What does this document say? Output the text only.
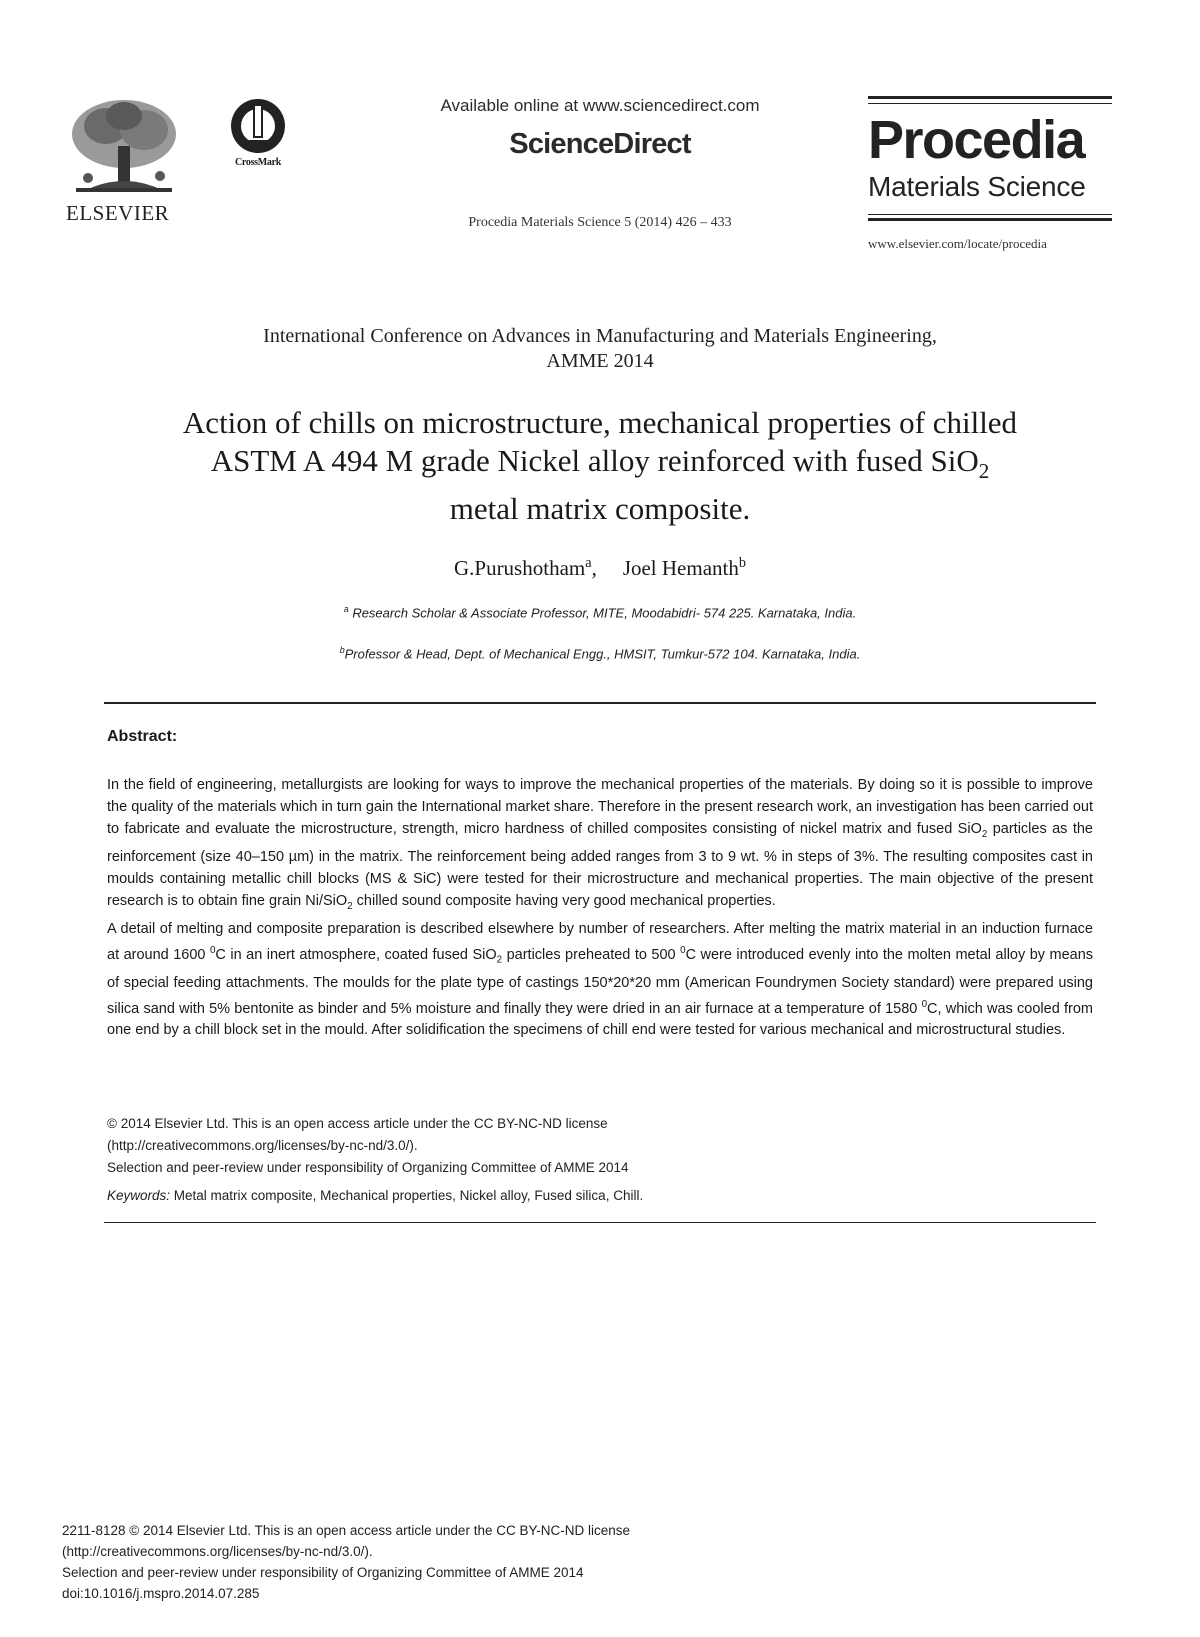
ELSEVIER
CrossMark
Available online at www.sciencedirect.com
ScienceDirect
Procedia Materials Science 5 (2014) 426 – 433
Procedia
Materials Science
www.elsevier.com/locate/procedia
International Conference on Advances in Manufacturing and Materials Engineering,
AMME 2014
Action of chills on microstructure, mechanical properties of chilled
ASTM A 494 M grade Nickel alloy reinforced with fused SiO$_2$
metal matrix composite.
G.Purushotham$^a$, Joel Hemanth$^b$
$^a$ Research Scholar & Associate Professor, MITE, Moodabidri- 574 225. Karnataka, India.
$^b$Professor & Head, Dept. of Mechanical Engg., HMSIT, Tumkur-572 104. Karnataka, India.
Abstract:

In the field of engineering, metallurgists are looking for ways to improve the mechanical properties of the materials. By doing so it is possible to improve the quality of the materials which in turn gain the International market share. Therefore in the present research work, an investigation has been carried out to fabricate and evaluate the microstructure, strength, micro hardness of chilled composites consisting of nickel matrix and fused SiO$_2$ particles as the reinforcement (size 40–150 µm) in the matrix. The reinforcement being added ranges from 3 to 9 wt. % in steps of 3%. The resulting composites cast in moulds containing metallic chill blocks (MS & SiC) were tested for their microstructure and mechanical properties. The main objective of the present research is to obtain fine grain Ni/SiO$_2$ chilled sound composite having very good mechanical properties.

A detail of melting and composite preparation is described elsewhere by number of researchers. After melting the matrix material in an induction furnace at around 1600 $^0$C in an inert atmosphere, coated fused SiO$_2$ particles preheated to 500 $^0$C were introduced evenly into the molten metal alloy by means of special feeding attachments. The moulds for the plate type of castings 150*20*20 mm (American Foundrymen Society standard) were prepared using silica sand with 5% bentonite as binder and 5% moisture and finally they were dried in an air furnace at a temperature of 1580 $^0$C, which was cooled from one end by a chill block set in the mould. After solidification the specimens of chill end were tested for various mechanical and microstructural studies.

© 2014 Elsevier Ltd. This is an open access article under the CC BY-NC-ND license
(http://creativecommons.org/licenses/by-nc-nd/3.0/).
Selection and peer-review under responsibility of Organizing Committee of AMME 2014
Keywords: Metal matrix composite, Mechanical properties, Nickel alloy, Fused silica, Chill.
2211-8128 © 2014 Elsevier Ltd. This is an open access article under the CC BY-NC-ND license
(http://creativecommons.org/licenses/by-nc-nd/3.0/).
Selection and peer-review under responsibility of Organizing Committee of AMME 2014
doi:10.1016/j.mspro.2014.07.285
